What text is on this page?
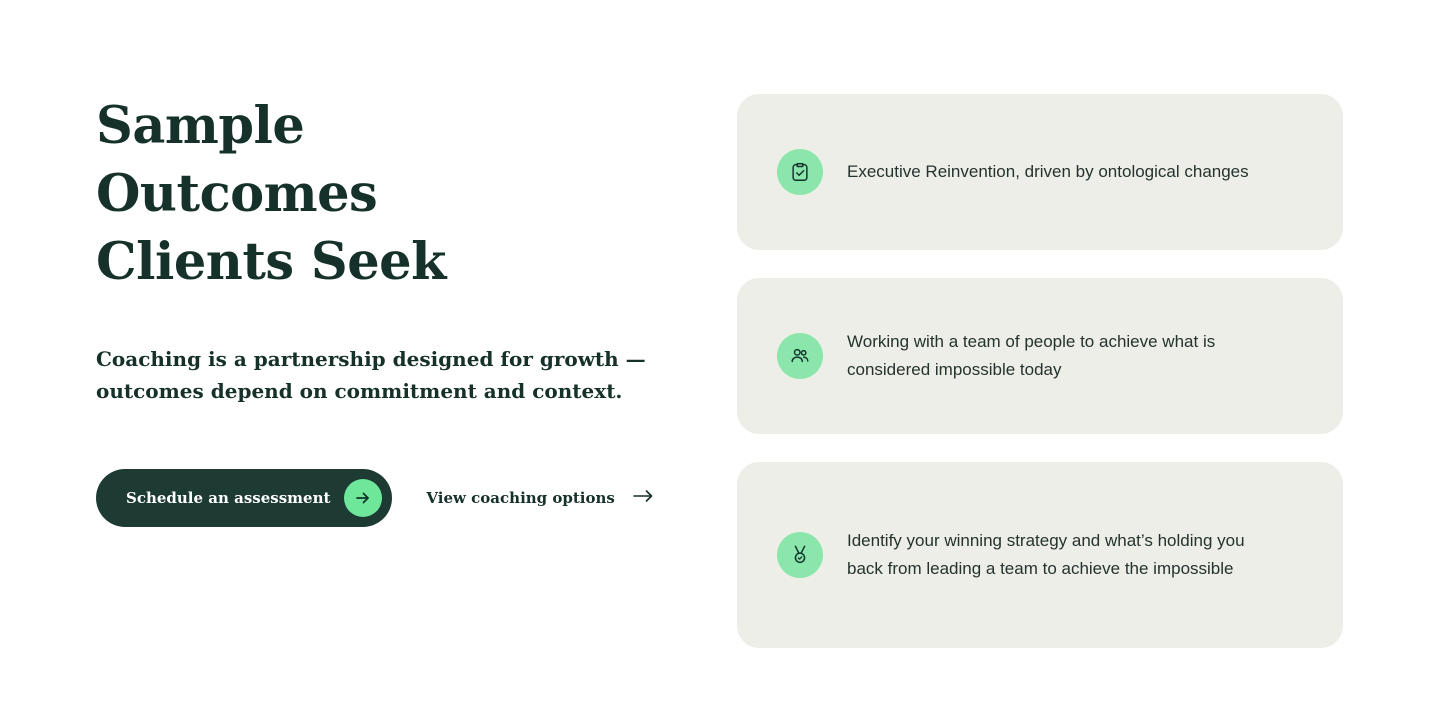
Sample Outcomes Clients Seek

Coaching is a partnership designed for growth — outcomes depend on commitment and context.

Schedule an assessment	View coaching options
Executive Reinvention, driven by ontological changes
Working with a team of people to achieve what is considered impossible today
Identify your winning strategy and what’s holding you back from leading a team to achieve the impossible
